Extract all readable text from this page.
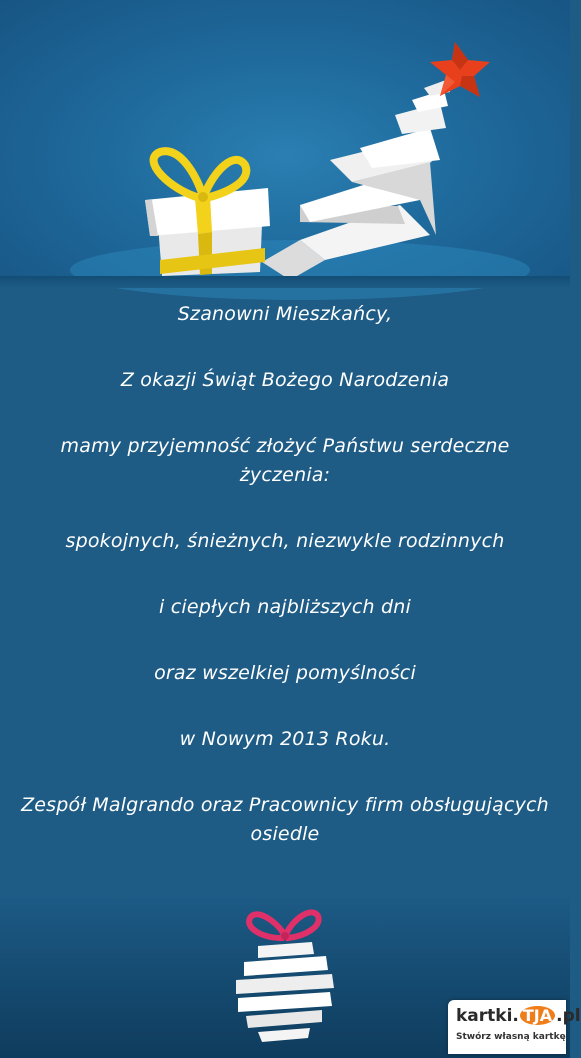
Szanowni Mieszkańcy,

Z okazji Świąt Bożego Narodzenia

mamy przyjemność złożyć Państwu serdeczne życzenia:

spokojnych, śnieżnych, niezwykle rodzinnych

i ciepłych najbliższych dni

oraz wszelkiej pomyślności

w Nowym 2013 Roku.

Zespół Malgrando oraz Pracownicy firm obsługujących osiedle

kartki. TJA .pl
Stwórz własną kartkę
